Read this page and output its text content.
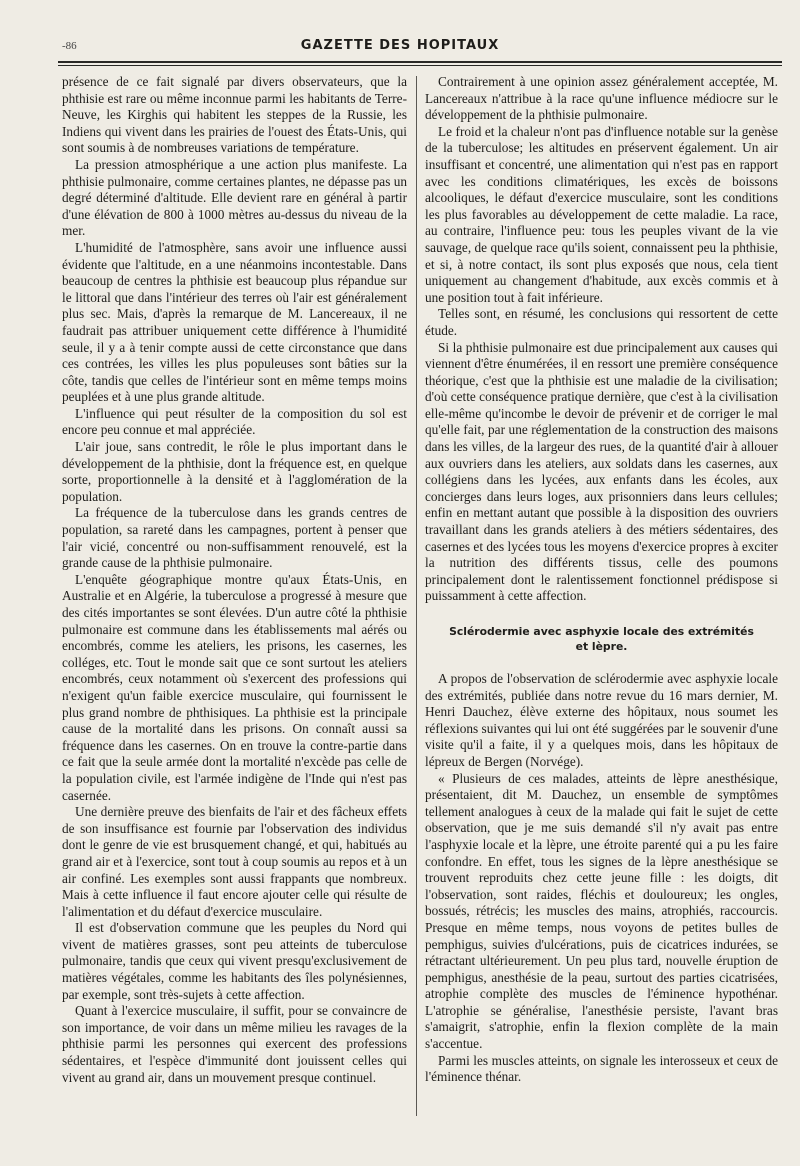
-86	GAZETTE DES HOPITAUX

présence de ce fait signalé par divers observateurs, que la phthisie est rare ou même inconnue parmi les habitants de Terre-Neuve, les Kirghis qui habitent les steppes de la Russie, les Indiens qui vivent dans les prairies de l'ouest des États-Unis, qui sont soumis à de nombreuses variations de température.

La pression atmosphérique a une action plus manifeste. La phthisie pulmonaire, comme certaines plantes, ne dépasse pas un degré déterminé d'altitude. Elle devient rare en général à partir d'une élévation de 800 à 1000 mètres au-dessus du niveau de la mer.

L'humidité de l'atmosphère, sans avoir une influence aussi évidente que l'altitude, en a une néanmoins incontestable. Dans beaucoup de centres la phthisie est beaucoup plus répandue sur le littoral que dans l'intérieur des terres où l'air est généralement plus sec. Mais, d'après la remarque de M. Lancereaux, il ne faudrait pas attribuer uniquement cette différence à l'humidité seule, il y a à tenir compte aussi de cette circonstance que dans ces contrées, les villes les plus populeuses sont bâties sur la côte, tandis que celles de l'intérieur sont en même temps moins peuplées et à une plus grande altitude.

L'influence qui peut résulter de la composition du sol est encore peu connue et mal appréciée.

L'air joue, sans contredit, le rôle le plus important dans le développement de la phthisie, dont la fréquence est, en quelque sorte, proportionnelle à la densité et à l'agglomération de la population.

La fréquence de la tuberculose dans les grands centres de population, sa rareté dans les campagnes, portent à penser que l'air vicié, concentré ou non-suffisamment renouvelé, est la grande cause de la phthisie pulmonaire.

L'enquête géographique montre qu'aux États-Unis, en Australie et en Algérie, la tuberculose a progressé à mesure que des cités importantes se sont élevées. D'un autre côté la phthisie pulmonaire est commune dans les établissements mal aérés ou encombrés, comme les ateliers, les prisons, les casernes, les colléges, etc. Tout le monde sait que ce sont surtout les ateliers encombrés, ceux notamment où s'exercent des professions qui n'exigent qu'un faible exercice musculaire, qui fournissent le plus grand nombre de phthisiques. La phthisie est la principale cause de la mortalité dans les prisons. On connaît aussi sa fréquence dans les casernes. On en trouve la contre-partie dans ce fait que la seule armée dont la mortalité n'excède pas celle de la population civile, est l'armée indigène de l'Inde qui n'est pas casernée.

Une dernière preuve des bienfaits de l'air et des fâcheux effets de son insuffisance est fournie par l'observation des individus dont le genre de vie est brusquement changé, et qui, habitués au grand air et à l'exercice, sont tout à coup soumis au repos et à un air confiné. Les exemples sont aussi frappants que nombreux. Mais à cette influence il faut encore ajouter celle qui résulte de l'alimentation et du défaut d'exercice musculaire.

Il est d'observation commune que les peuples du Nord qui vivent de matières grasses, sont peu atteints de tuberculose pulmonaire, tandis que ceux qui vivent presqu'exclusivement de matières végétales, comme les habitants des îles polynésiennes, par exemple, sont très-sujets à cette affection.

Quant à l'exercice musculaire, il suffit, pour se convaincre de son importance, de voir dans un même milieu les ravages de la phthisie parmi les personnes qui exercent des professions sédentaires, et l'espèce d'immunité dont jouissent celles qui vivent au grand air, dans un mouvement presque continuel.

Contrairement à une opinion assez généralement acceptée, M. Lancereaux n'attribue à la race qu'une influence médiocre sur le développement de la phthisie pulmonaire.

Le froid et la chaleur n'ont pas d'influence notable sur la genèse de la tuberculose; les altitudes en préservent également. Un air insuffisant et concentré, une alimentation qui n'est pas en rapport avec les conditions climatériques, les excès de boissons alcooliques, le défaut d'exercice musculaire, sont les conditions les plus favorables au développement de cette maladie. La race, au contraire, l'influence peu: tous les peuples vivant de la vie sauvage, de quelque race qu'ils soient, connaissent peu la phthisie, et si, à notre contact, ils sont plus exposés que nous, cela tient uniquement au changement d'habitude, aux excès commis et à une position tout à fait inférieure.

Telles sont, en résumé, les conclusions qui ressortent de cette étude.

Si la phthisie pulmonaire est due principalement aux causes qui viennent d'être énumérées, il en ressort une première conséquence théorique, c'est que la phthisie est une maladie de la civilisation; d'où cette conséquence pratique dernière, que c'est à la civilisation elle-même qu'incombe le devoir de prévenir et de corriger le mal qu'elle fait, par une réglementation de la construction des maisons dans les villes, de la largeur des rues, de la quantité d'air à allouer aux ouvriers dans les ateliers, aux soldats dans les casernes, aux collégiens dans les lycées, aux enfants dans les écoles, aux concierges dans leurs loges, aux prisonniers dans leurs cellules; enfin en mettant autant que possible à la disposition des ouvriers travaillant dans les grands ateliers à des métiers sédentaires, des casernes et des lycées tous les moyens d'exercice propres à exciter la nutrition des différents tissus, celle des poumons principalement dont le ralentissement fonctionnel prédispose si puissamment à cette affection.

Sclérodermie avec asphyxie locale des extrémités et lèpre.

A propos de l'observation de sclérodermie avec asphyxie locale des extrémités, publiée dans notre revue du 16 mars dernier, M. Henri Dauchez, élève externe des hôpitaux, nous soumet les réflexions suivantes qui lui ont été suggérées par le souvenir d'une visite qu'il a faite, il y a quelques mois, dans les hôpitaux de lépreux de Bergen (Norvége).

« Plusieurs de ces malades, atteints de lèpre anesthésique, présentaient, dit M. Dauchez, un ensemble de symptômes tellement analogues à ceux de la malade qui fait le sujet de cette observation, que je me suis demandé s'il n'y avait pas entre l'asphyxie locale et la lèpre, une étroite parenté qui a pu les faire confondre. En effet, tous les signes de la lèpre anesthésique se trouvent reproduits chez cette jeune fille : les doigts, dit l'observation, sont raides, fléchis et douloureux; les ongles, bossués, rétrécis; les muscles des mains, atrophiés, raccourcis. Presque en même temps, nous voyons de petites bulles de pemphigus, suivies d'ulcérations, puis de cicatrices indurées, se rétractant ultérieurement. Un peu plus tard, nouvelle éruption de pemphigus, anesthésie de la peau, surtout des parties cicatrisées, atrophie complète des muscles de l'éminence hypothénar. L'atrophie se généralise, l'anesthésie persiste, l'avant bras s'amaigrit, s'atrophie, enfin la flexion complète de la main s'accentue.

Parmi les muscles atteints, on signale les interosseux et ceux de l'éminence thénar.
